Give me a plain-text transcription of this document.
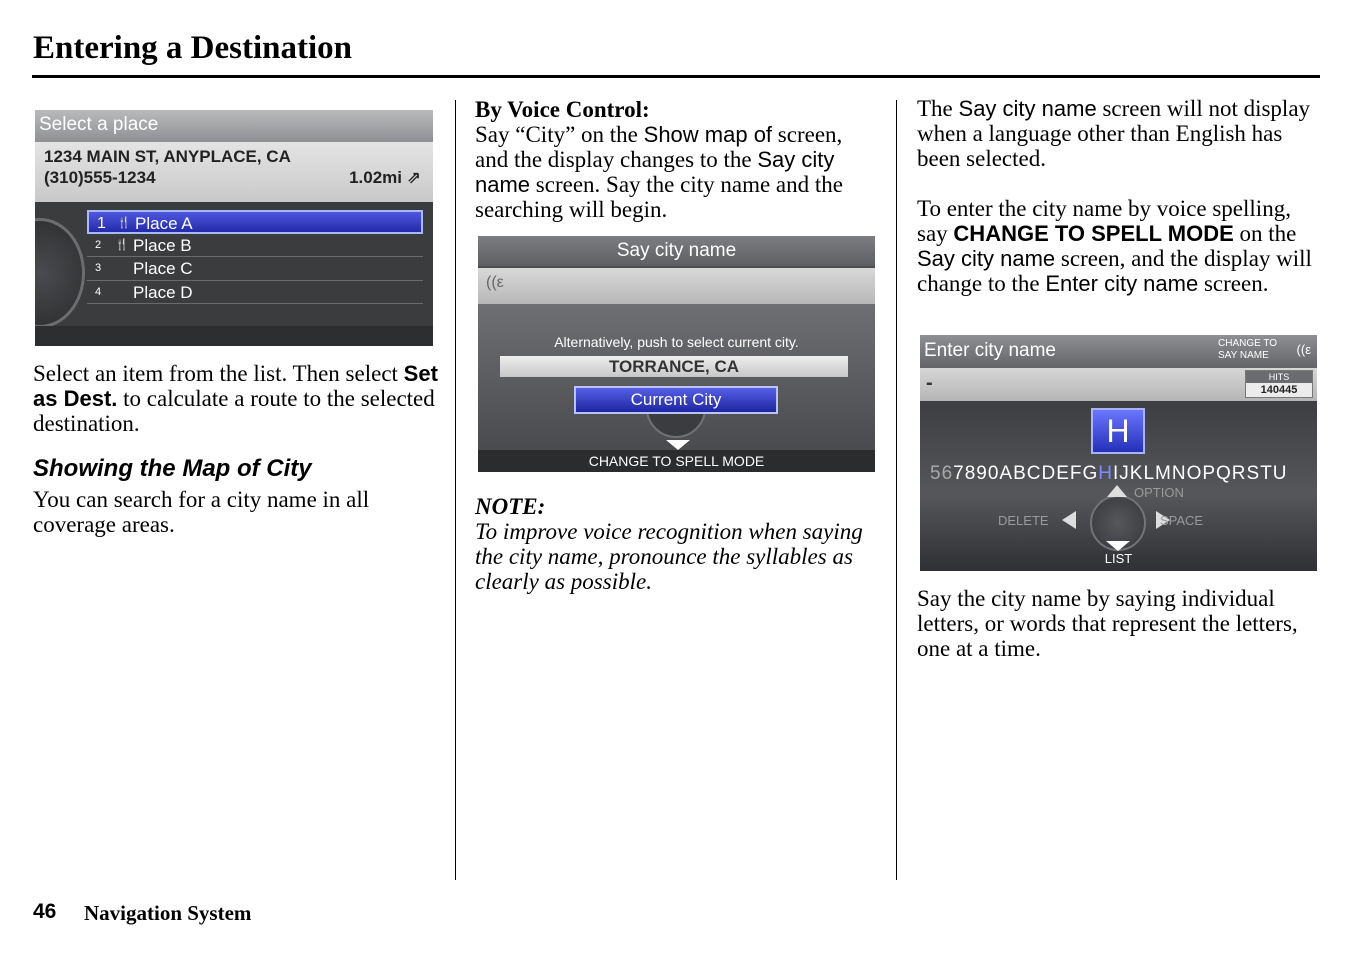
Entering a Destination
Select a place
1234 MAIN ST, ANYPLACE, CA
(310)555-1234	1.02mi ⇗
1 🍴 Place A
2 🍴 Place B
3 Place C
4 Place D
Select an item from the list. Then select Set as Dest. to calculate a route to the selected destination.
Showing the Map of City
You can search for a city name in all coverage areas.
By Voice Control:
Say “City” on the Show map of screen, and the display changes to the Say city name screen. Say the city name and the searching will begin.
Say city name
((ε
Alternatively, push to select current city.
TORRANCE, CA
Current City
CHANGE TO SPELL MODE
NOTE:
To improve voice recognition when saying the city name, pronounce the syllables as clearly as possible.
The Say city name screen will not display when a language other than English has been selected.
To enter the city name by voice spelling, say CHANGE TO SPELL MODE on the Say city name screen, and the display will change to the Enter city name screen.
Enter city name	CHANGE TO
SAY NAME	((ε
-	HITS
140445
H
567890ABCDEFGHIJKLMNOPQRSTU
OPTION
DELETE	SPACE
LIST
Say the city name by saying individual letters, or words that represent the letters, one at a time.
46 Navigation System
